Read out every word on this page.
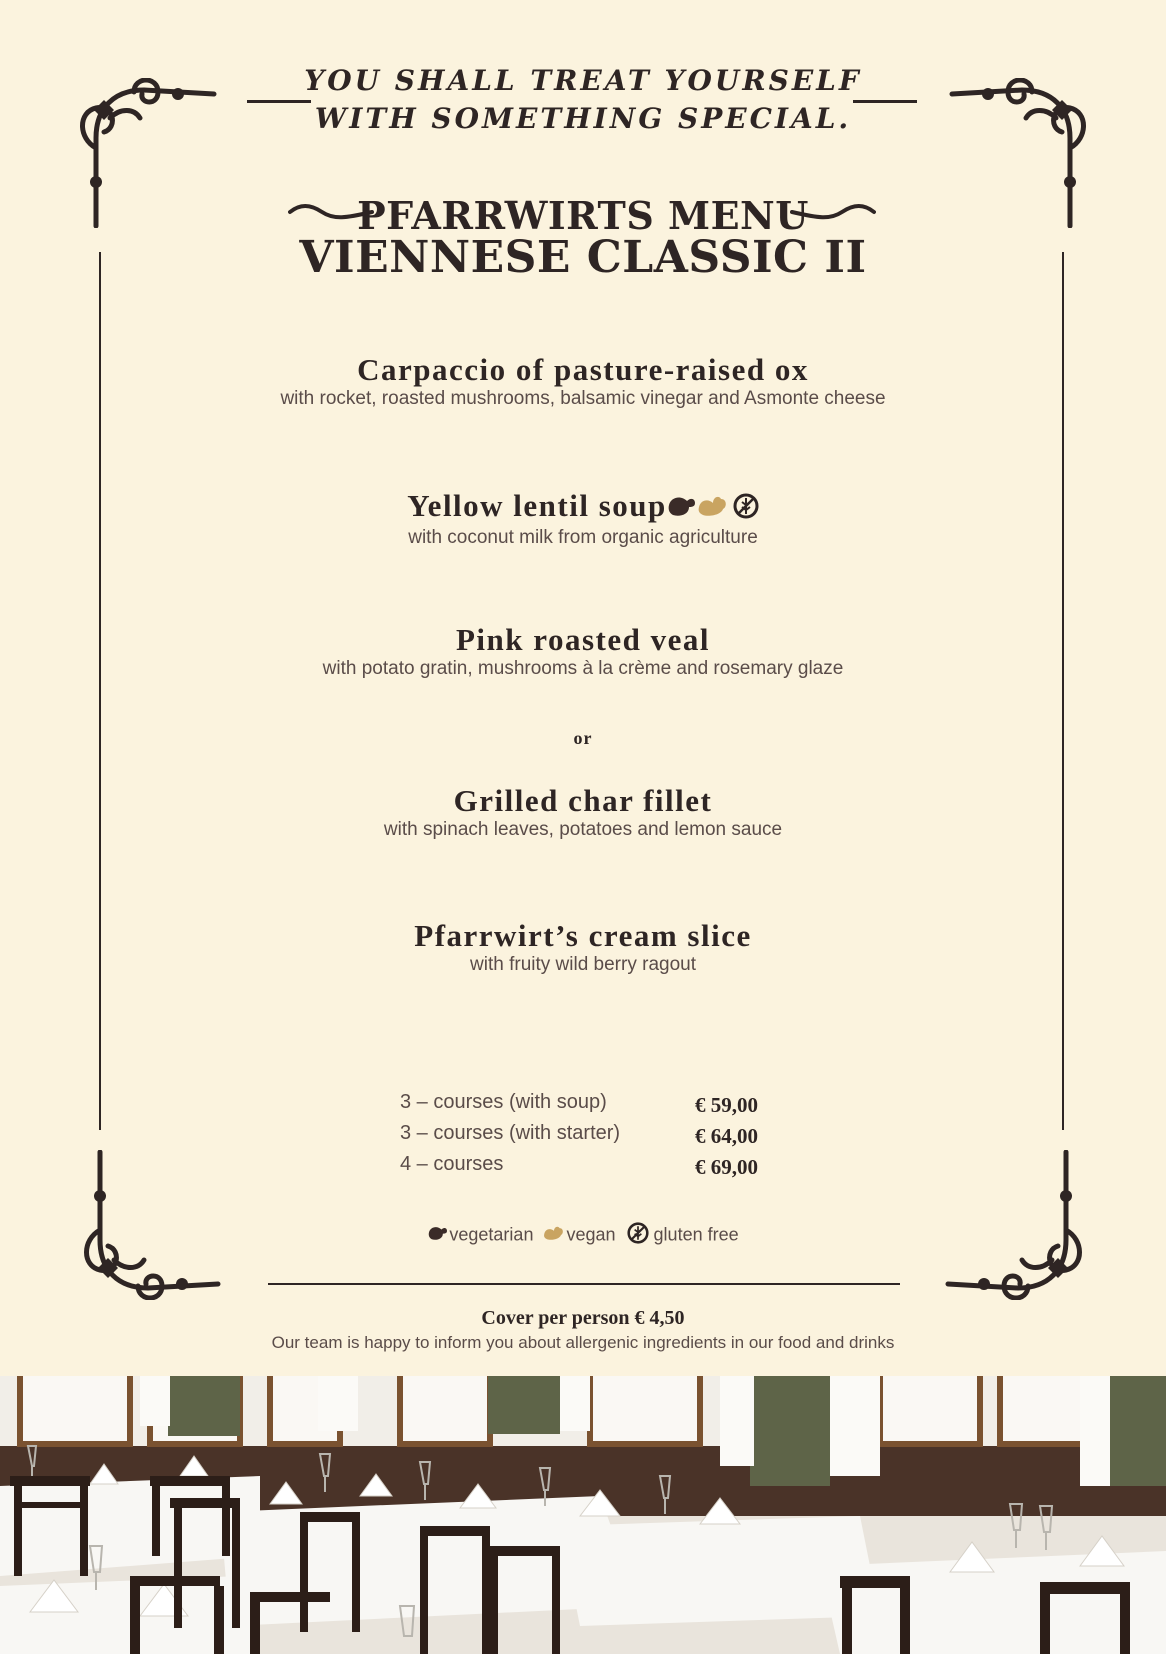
YOU SHALL TREAT YOURSELF
WITH SOMETHING SPECIAL.
PFARRWIRTS MENU
VIENNESE CLASSIC II
Carpaccio of pasture-raised ox
with rocket, roasted mushrooms, balsamic vinegar and Asmonte cheese
Yellow lentil soup
with coconut milk from organic agriculture
Pink roasted veal
with potato gratin, mushrooms à la crème and rosemary glaze
or
Grilled char fillet
with spinach leaves, potatoes and lemon sauce
Pfarrwirt’s cream slice
with fruity wild berry ragout
3 – courses (with soup)	€ 59,00
3 – courses (with starter)	€ 64,00
4 – courses	€ 69,00
vegetarian vegan gluten free
Cover per person € 4,50
Our team is happy to inform you about allergenic ingredients in our food and drinks
